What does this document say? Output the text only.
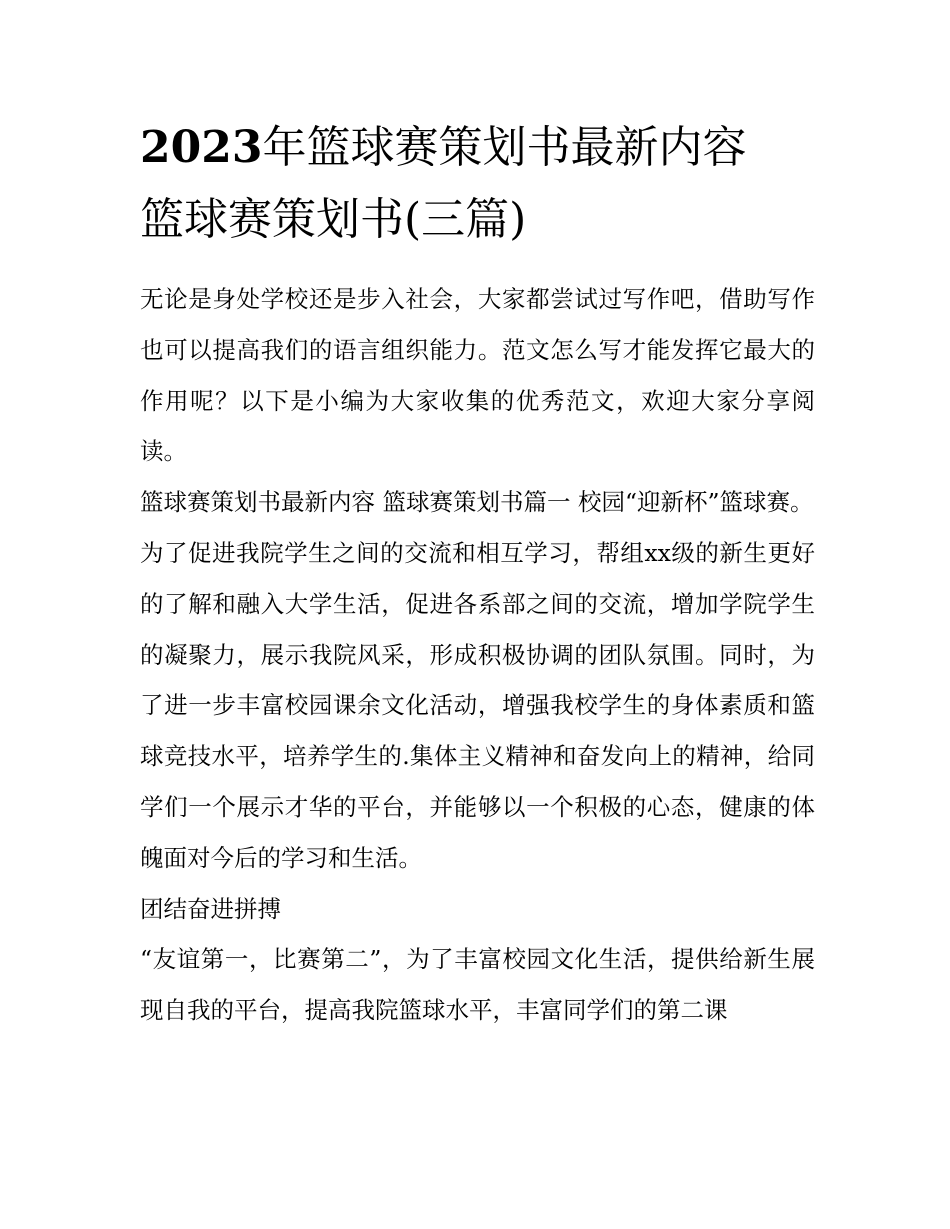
2023年篮球赛策划书最新内容
篮球赛策划书(三篇)

无论是身处学校还是步入社会，大家都尝试过写作吧，借助写作也可以提高我们的语言组织能力。范文怎么写才能发挥它最大的作用呢？以下是小编为大家收集的优秀范文，欢迎大家分享阅读。

篮球赛策划书最新内容 篮球赛策划书篇一 校园“迎新杯”篮球赛。

为了促进我院学生之间的交流和相互学习，帮组xx级的新生更好的了解和融入大学生活，促进各系部之间的交流，增加学院学生的凝聚力，展示我院风采，形成积极协调的团队氛围。同时，为了进一步丰富校园课余文化活动，增强我校学生的身体素质和篮球竞技水平，培养学生的.集体主义精神和奋发向上的精神，给同学们一个展示才华的平台，并能够以一个积极的心态，健康的体魄面对今后的学习和生活。

团结奋进拼搏

“友谊第一，比赛第二”，为了丰富校园文化生活，提供给新生展现自我的平台，提高我院篮球水平，丰富同学们的第二课
